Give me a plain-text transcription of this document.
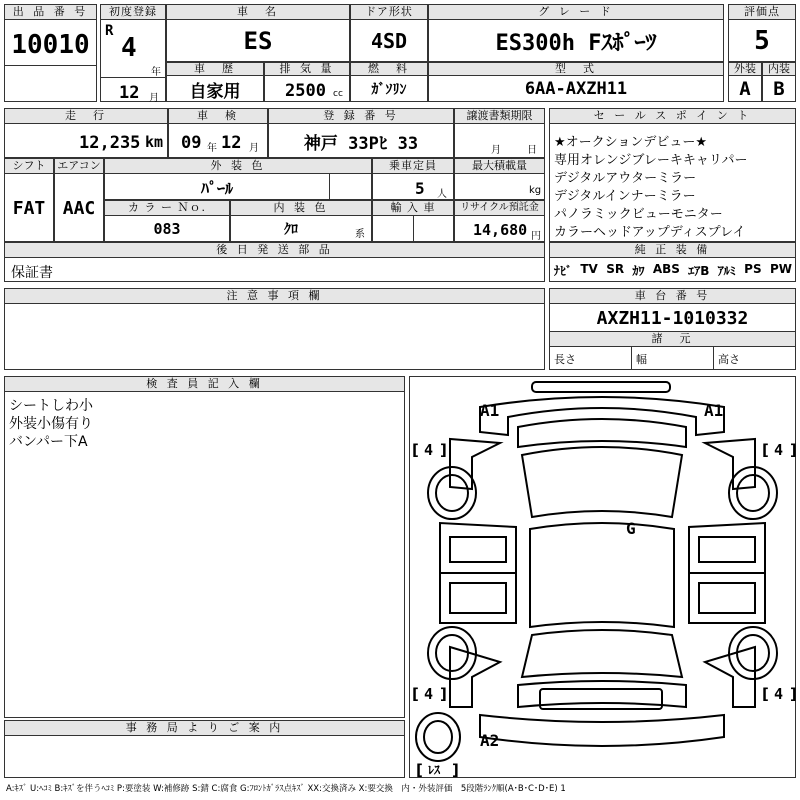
出 品 番 号
10010
初度登録
R
4
年
12 月
車　名
ES
ドア形状
4SD
グ レ ー ド
ES300h Fｽﾎﾟｰﾂ
評価点
5
車　歴
自家用
排 気 量
2500 cc
燃　料
ｶﾞｿﾘﾝ
型　式
6AA-AXZH11
外装
A
内装
B
走　行
12,235 km
車　検
09 年 12 月
登 録 番 号
神戸 33Pﾋ 33
譲渡書類期限
月	日
シフト
FAT
エアコン
AAC
外 装 色
ﾊﾟｰﾙ
乗車定員
5 人
最大積載量
kg
カ ラ ー Ｎｏ.
083
内 装 色
ｸﾛ	系
輸 入 車	リサイクル預託金
14,680 円
後 日 発 送 部 品
保証書
セ ー ル ス ポ イ ン ト
★オークションデビュー★
専用オレンジブレーキキャリパー
デジタルアウターミラー
デジタルインナーミラー
パノラミックビューモニター
カラーヘッドアップディスプレイ
純 正 装 備
ﾅﾋﾞ TV SR ｶﾜ ABS ｴｱB ｱﾙﾐ PS PW
注 意 事 項 欄	車 台 番 号
AXZH11-1010332
諸　元
長さ	幅	高さ
検 査 員 記 入 欄
シートしわ小
外装小傷有り
バンパー下A
事 務 局 よ り ご 案 内
[ ]	[ ]
[ ]	[ ]
[ ]
A1	A1
G
A2
4	4
4	4
ﾚｽ
A:ｷｽﾞ U:ﾍｺﾐ B:ｷｽﾞを伴うﾍｺﾐ P:要塗装 W:補修跡 S:錆 C:腐食 G:ﾌﾛﾝﾄｶﾞﾗｽ点ｷｽﾞ XX:交換済み X:要交換　内・外装評価　5段階ﾗﾝｸ順(A･B･C･D･E) 1
